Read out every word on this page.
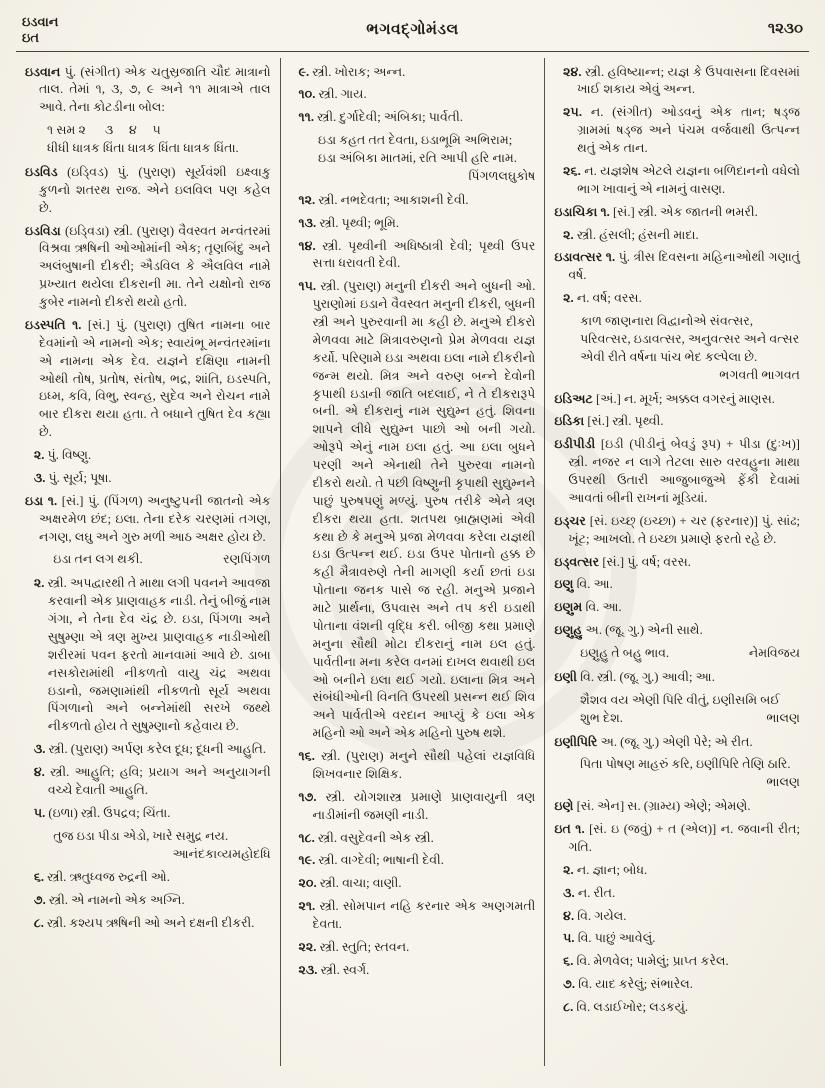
ઇડવાન
ઇત	ભગવદ્ગોમંડલ	૧૨૩૦

ઇડવાન પું. (સંગીત) એક ચતુસ્રજાતિ ચૌદ માત્રાનો તાલ. તેમાં ૧, ૩, ૭, ૯ અને ૧૧ માત્રાએ તાલ આવે. તેના કોટડીના બોલ:

૧ સમ ૨      ૩     ૪     ૫
ધીધી ધાત્રક ધિંતા ધાત્રક ધિંતા ધાત્રક ધિંતા.

ઇડવિડ (ઇડ્વિડ) પું. (પુરાણ) સૂર્યવંશી ઇક્ષ્વાકુ કુળનો શતરથ રાજ. એને ઇલવિલ પણ કહેલ છે.

ઇડવિડા (ઇડ્વિડા) સ્ત્રી. (પુરાણ) વૈવસ્વત મન્વંતરમાં વિશ્રવા ઋષિની ઓઓમાંની એક; તૃણબિંદુ અને અલંબુષાની દીકરી; ઐડવિલ કે ઐલવિલ નામે પ્રખ્યાત થયેલા દીકરાની મા. તેને યક્ષોનો રાજ કુબેર નામનો દીકરો થયો હતો.

ઇડસ્પતિ ૧. [સં.] પું. (પુરાણ) તુષિત નામના બાર દેવમાંનો એ નામનો એક; સ્વાયંભૂ મન્વંતરમાંના એ નામના એક દેવ. યજ્ઞને દક્ષિણા નામની ઓથી તોષ, પ્રતોષ, સંતોષ, ભદ્ર, શાંતિ, ઇડસ્પતિ, ઇધ્મ, કવિ, વિભુ, સ્વન્હ, સુદેવ અને રોચન નામે બાર દીકરા થયા હતા. તે બધાને તુષિત દેવ કહ્યા છે.

૨. પું. વિષ્ણુ.

૩. પું. સૂર્ય; પૂષા.

ઇડા ૧. [સં.] પું. (પિંગળ) અનુષ્ટુપની જાતનો એક અક્ષરમેળ છંદ; ઇલા. તેના દરેક ચરણમાં તગણ, નગણ, લઘુ અને ગુરુ મળી આઠ અક્ષર હોય છે.

ઇડા તન લગ થકી.	રણપિંગળ

૨. સ્ત્રી. અપદ્વારથી તે માથા લગી પવનને આવજા કરવાની એક પ્રાણવાહક નાડી. તેનું બીજું નામ ગંગા, ને તેના દેવ ચંદ્ર છે. ઇડા, પિંગળા અને સુષુમ્ણા એ ત્રણ મુખ્ય પ્રાણવાહક નાડીઓથી શરીરમાં પવન ફરતો માનવામાં આવે છે. ડાબા નસકોરામાંથી નીકળતો વાયુ ચંદ્ર અથવા ઇડાનો, જમણામાંથી નીકળતો સૂર્ય અથવા પિંગળાનો અને બન્નેમાંથી સરખે જથ્થે નીકળતો હોય તે સુષુમ્ણાનો કહેવાય છે.

૩. સ્ત્રી. (પુરાણ) અર્પણ કરેલ દૂધ; દૂધની આહુતિ.

૪. સ્ત્રી. આહુતિ; હવિ; પ્રયાગ અને અનુયાગની વચ્ચે દેવાતી આહુતિ.

૫. (ઇળા) સ્ત્રી. ઉપદ્રવ; ચિંતા.

તુજ ઇડા પીડા એડો, ખારે સમુદ્ર નય.
આનંદકાવ્યમહોદધિ

૬. સ્ત્રી. ઋતુધ્વજ રુદ્રની ઓ.

૭. સ્ત્રી. એ નામનો એક અગ્નિ.

૮. સ્ત્રી. કશ્યપ ઋષિની ઓ અને દક્ષની દીકરી.

૯. સ્ત્રી. ખોરાક; અન્ન.

૧૦. સ્ત્રી. ગાય.

૧૧. સ્ત્રી. દુર્ગાદેવી; અંબિકા; પાર્વતી.

ઇડા કહત તત દેવતા, ઇડાભૂમિ અભિરામ;
ઇડા અંબિકા માતમાં, રતિ આપી હરિ નામ.
પિંગળલઘુકોષ

૧૨. સ્ત્રી. નભદેવતા; આકાશની દેવી.

૧૩. સ્ત્રી. પૃથ્વી; ભૂમિ.

૧૪. સ્ત્રી. પૃથ્વીની અધિષ્ઠાત્રી દેવી; પૃથ્વી ઉપર સત્તા ધરાવતી દેવી.

૧૫. સ્ત્રી. (પુરાણ) મનુની દીકરી અને બુધની ઓ. પુરાણોમાં ઇડાને વૈવસ્વત મનુની દીકરી, બુધની સ્ત્રી અને પુરુરવાની મા કહી છે. મનુએ દીકરો મેળવવા માટે મિત્રાવરુણનો પ્રેમ મેળવવા યજ્ઞ કર્યો. પરિણામે ઇડા અથવા ઇલા નામે દીકરીનો જન્મ થયો. મિત્ર અને વરુણ બન્ને દેવોની કૃપાથી ઇડાની જાતિ બદલાઈ, ને તે દીકરારૂપે બની. એ દીકરાનું નામ સુદ્યુમ્ન હતું. શિવના શાપને લીધે સુદ્યુમ્ન પાછો ઓ બની ગયો. ઓરૂપે એનું નામ ઇલા હતું. આ ઇલા બુધને પરણી અને એનાથી તેને પુરુરવા નામનો દીકરો થયો. તે પછી વિષ્ણુની કૃપાથી સુદ્યુમ્નને પાછું પુરુષપણું મળ્યું. પુરુષ તરીકે એને ત્રણ દીકરા થયા હતા. શતપથ બ્રાહ્મણમાં એવી કથા છે કે મનુએ પ્રજા મેળવવા કરેલા યજ્ઞથી ઇડા ઉત્પન્ન થઈ. ઇડા ઉપર પોતાનો હક્ક છે કહી મૈત્રાવરુણે તેની માગણી કર્યા છતાં ઇડા પોતાના જનક પાસે જ રહી. મનુએ પ્રજાને માટે પ્રાર્થના, ઉપવાસ અને તપ કરી ઇડાથી પોતાના વંશની વૃદ્ધિ કરી. બીજી કથા પ્રમાણે મનુના સૌથી મોટા દીકરાનું નામ ઇલ હતું. પાર્વતીના મના કરેલ વનમાં દાખલ થવાથી ઇલ ઓ બનીને ઇલા થઈ ગયો. ઇલાના મિત્ર અને સંબંધીઓની વિનતિ ઉપરથી પ્રસન્ન થઈ શિવ અને પાર્વતીએ વરદાન આપ્યું કે ઇલા એક મહિનો ઓ અને એક મહિનો પુરુષ થશે.

૧૬. સ્ત્રી. (પુરાણ) મનુને સૌથી પહેલાં યજ્ઞવિધિ શિખવનાર શિક્ષિક.

૧૭. સ્ત્રી. યોગશાસ્ત્ર પ્રમાણે પ્રાણવાયુની ત્રણ નાડીમાંની જમણી નાડી.

૧૮. સ્ત્રી. વસુદેવની એક સ્ત્રી.

૧૯. સ્ત્રી. વાગ્દેવી; ભાષાની દેવી.

૨૦. સ્ત્રી. વાચા; વાણી.

૨૧. સ્ત્રી. સોમપાન નહિ કરનાર એક અણગમતી દેવતા.

૨૨. સ્ત્રી. સ્તુતિ; સ્તવન.

૨૩. સ્ત્રી. સ્વર્ગ.

૨૪. સ્ત્રી. હવિષ્યાન્ન; યજ્ઞ કે ઉપવાસના દિવસમાં ખાઈ શકાય એવું અન્ન.

૨૫. ન. (સંગીત) ઓડવનું એક તાન; ષડ્જ ગ્રામમાં ષડ્જ અને પંચમ વર્જવાથી ઉત્પન્ન થતું એક તાન.

૨૬. ન. યજ્ઞશેષ એટલે યજ્ઞના બળિદાનનો વધેલો ભાગ ખાવાનું એ નામનું વાસણ.

ઇડાચિકા ૧. [સં.] સ્ત્રી. એક જાતની ભમરી.

૨. સ્ત્રી. હંસલી; હંસની માદા.

ઇડાવત્સર ૧. પું. ત્રીસ દિવસના મહિનાઓથી ગણાતું વર્ષ.

૨. ન. વર્ષ; વરસ.

કાળ જાણનારા વિદ્વાનોએ સંવત્સર, પરિવત્સર, ઇડાવત્સર, અનુવત્સર અને વત્સર એવી રીતે વર્ષના પાંચ ભેદ કલ્પેલા છે.
ભગવતી ભાગવત

ઇડિઅટ [અં.] ન. મૂર્ખ; અક્કલ વગરનું માણસ.

ઇડિકા [સં.] સ્ત્રી. પૃથ્વી.

ઇડીપીડી [ઇડી (પીડીનું બેવડું રૂપ) + પીડા (દુઃખ)] સ્ત્રી. નજર ન લાગે તેટલા સારુ વરવહુના માથા ઉપરથી ઉતારી આજુબાજુએ ફેંકી દેવામાં આવતાં બીની રાખનાં મૂડિયાં.

ઇડ્ચર [સં. ઇચ્છ્ (ઇચ્છા) + ચર (ફરનાર)] પું. સાંઢ; ખૂંટ; આખલો. તે ઇચ્છા પ્રમાણે ફરતો રહે છે.

ઇડ્વત્સર [સં.] પું. વર્ષ; વરસ.

ઇણુ વિ. આ.

ઇણુમ વિ. આ.

ઇણુહુ અ. (જૂ. ગુ.) એની સાથે.

ઇણુહુ તે બહુ ભાવ.	નેમવિજય

ઇણી વિ. સ્ત્રી. (જૂ. ગુ.) આવી; આ.

શૈશવ વય એણી પિરિ વીતું, ઇણીસમિ બઈ
શુભ દેશ.	ભાલણ

ઇણીપિરિ અ. (જૂ. ગુ.) એણી પેરે; એ રીત.

પિતા પોષણ માહરું કરિ, ઇણીપિરિ તેણિ ઠારિ.
ભાલણ

ઇણે [સં. એન] સ. (ગ્રામ્ય) એણે; એમણે.

ઇત ૧. [સં. ઇ (જવું) + ત (એલ)] ન. જવાની રીત; ગતિ.

૨. ન. જ્ઞાન; બોધ.

૩. ન. રીત.

૪. વિ. ગયેલ.

૫. વિ. પાછું આવેલું.

૬. વિ. મેળવેલ; પામેલું; પ્રાપ્ત કરેલ.

૭. વિ. યાદ કરેલું; સંભારેલ.

૮. વિ. લડાઈખોર; લડકયું.
